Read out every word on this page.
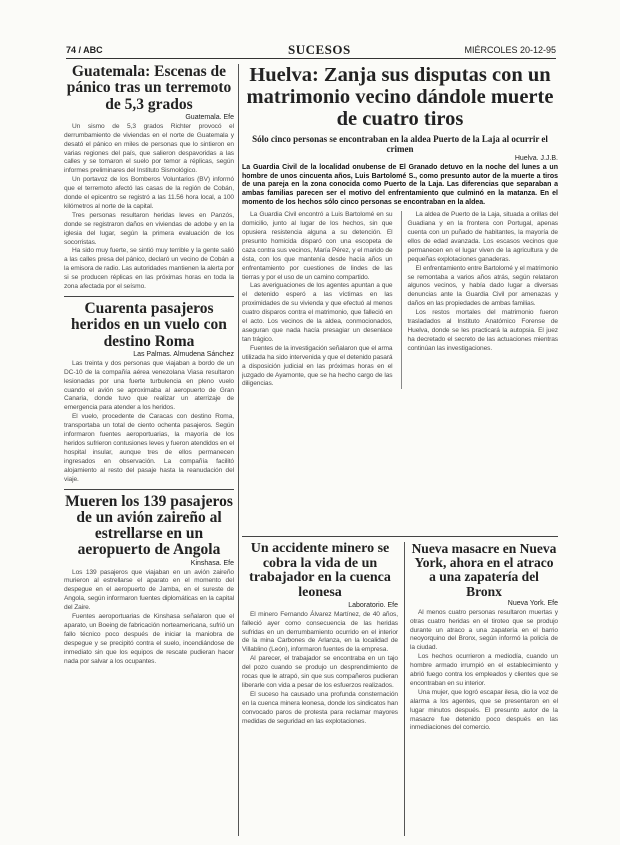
74 / ABC	SUCESOS	MIÉRCOLES 20-12-95
Guatemala: Escenas de pánico tras un terremoto de 5,3 grados
Guatemala. Efe

Un sismo de 5,3 grados Richter provocó el derrumbamiento de viviendas en el norte de Guatemala y desató el pánico en miles de personas que lo sintieron en varias regiones del país, que salieron despavoridas a las calles y se tomaron el suelo por temor a réplicas, según informes preliminares del Instituto Sismológico.

Un portavoz de los Bomberos Voluntarios (BV) informó que el terremoto afectó las casas de la región de Cobán, donde el epicentro se registró a las 11.56 hora local, a 100 kilómetros al norte de la capital.

Tres personas resultaron heridas leves en Panzós, donde se registraron daños en viviendas de adobe y en la iglesia del lugar, según la primera evaluación de los socorristas.

Ha sido muy fuerte, se sintió muy terrible y la gente salió a las calles presa del pánico, declaró un vecino de Cobán a la emisora de radio. Las autoridades mantienen la alerta por si se producen réplicas en las próximas horas en toda la zona afectada por el seísmo.

Cuarenta pasajeros heridos en un vuelo con destino Roma
Las Palmas. Almudena Sánchez

Las treinta y dos personas que viajaban a bordo de un DC-10 de la compañía aérea venezolana Viasa resultaron lesionadas por una fuerte turbulencia en pleno vuelo cuando el avión se aproximaba al aeropuerto de Gran Canaria, donde tuvo que realizar un aterrizaje de emergencia para atender a los heridos.

El vuelo, procedente de Caracas con destino Roma, transportaba un total de ciento ochenta pasajeros. Según informaron fuentes aeroportuarias, la mayoría de los heridos sufrieron contusiones leves y fueron atendidos en el hospital insular, aunque tres de ellos permanecen ingresados en observación. La compañía facilitó alojamiento al resto del pasaje hasta la reanudación del viaje.

Mueren los 139 pasajeros de un avión zaireño al estrellarse en un aeropuerto de Angola
Kinshasa. Efe

Los 139 pasajeros que viajaban en un avión zaireño murieron al estrellarse el aparato en el momento del despegue en el aeropuerto de Jamba, en el sureste de Angola, según informaron fuentes diplomáticas en la capital del Zaire.

Fuentes aeroportuarias de Kinshasa señalaron que el aparato, un Boeing de fabricación norteamericana, sufrió un fallo técnico poco después de iniciar la maniobra de despegue y se precipitó contra el suelo, incendiándose de inmediato sin que los equipos de rescate pudieran hacer nada por salvar a los ocupantes.

Huelva: Zanja sus disputas con un matrimonio vecino dándole muerte de cuatro tiros
Sólo cinco personas se encontraban en la aldea Puerto de la Laja al ocurrir el crimen
Huelva. J.J.B.
La Guardia Civil de la localidad onubense de El Granado detuvo en la noche del lunes a un hombre de unos cincuenta años, Luis Bartolomé S., como presunto autor de la muerte a tiros de una pareja en la zona conocida como Puerto de la Laja. Las diferencias que separaban a ambas familias parecen ser el motivo del enfrentamiento que culminó en la matanza. En el momento de los hechos sólo cinco personas se encontraban en la aldea.

La Guardia Civil encontró a Luis Bartolomé en su domicilio, junto al lugar de los hechos, sin que opusiera resistencia alguna a su detención. El presunto homicida disparó con una escopeta de caza contra sus vecinos, María Pérez, y el marido de ésta, con los que mantenía desde hacía años un enfrentamiento por cuestiones de lindes de las tierras y por el uso de un camino compartido.

Las averiguaciones de los agentes apuntan a que el detenido esperó a las víctimas en las proximidades de su vivienda y que efectuó al menos cuatro disparos contra el matrimonio, que falleció en el acto. Los vecinos de la aldea, conmocionados, aseguran que nada hacía presagiar un desenlace tan trágico.

Fuentes de la investigación señalaron que el arma utilizada ha sido intervenida y que el detenido pasará a disposición judicial en las próximas horas en el juzgado de Ayamonte, que se ha hecho cargo de las diligencias.

La aldea de Puerto de la Laja, situada a orillas del Guadiana y en la frontera con Portugal, apenas cuenta con un puñado de habitantes, la mayoría de ellos de edad avanzada. Los escasos vecinos que permanecen en el lugar viven de la agricultura y de pequeñas explotaciones ganaderas.

El enfrentamiento entre Bartolomé y el matrimonio se remontaba a varios años atrás, según relataron algunos vecinos, y había dado lugar a diversas denuncias ante la Guardia Civil por amenazas y daños en las propiedades de ambas familias.

Los restos mortales del matrimonio fueron trasladados al Instituto Anatómico Forense de Huelva, donde se les practicará la autopsia. El juez ha decretado el secreto de las actuaciones mientras continúan las investigaciones.

Un accidente minero se cobra la vida de un trabajador en la cuenca leonesa
Laboratorio. Efe

El minero Fernando Álvarez Martínez, de 40 años, falleció ayer como consecuencia de las heridas sufridas en un derrumbamiento ocurrido en el interior de la mina Carbones de Arlanza, en la localidad de Villablino (León), informaron fuentes de la empresa.

Al parecer, el trabajador se encontraba en un tajo del pozo cuando se produjo un desprendimiento de rocas que le atrapó, sin que sus compañeros pudieran liberarle con vida a pesar de los esfuerzos realizados.

El suceso ha causado una profunda consternación en la cuenca minera leonesa, donde los sindicatos han convocado paros de protesta para reclamar mayores medidas de seguridad en las explotaciones.

Nueva masacre en Nueva York, ahora en el atraco a una zapatería del Bronx
Nueva York. Efe

Al menos cuatro personas resultaron muertas y otras cuatro heridas en el tiroteo que se produjo durante un atraco a una zapatería en el barrio neoyorquino del Bronx, según informó la policía de la ciudad.

Los hechos ocurrieron a mediodía, cuando un hombre armado irrumpió en el establecimiento y abrió fuego contra los empleados y clientes que se encontraban en su interior.

Una mujer, que logró escapar ilesa, dio la voz de alarma a los agentes, que se presentaron en el lugar minutos después. El presunto autor de la masacre fue detenido poco después en las inmediaciones del comercio.
